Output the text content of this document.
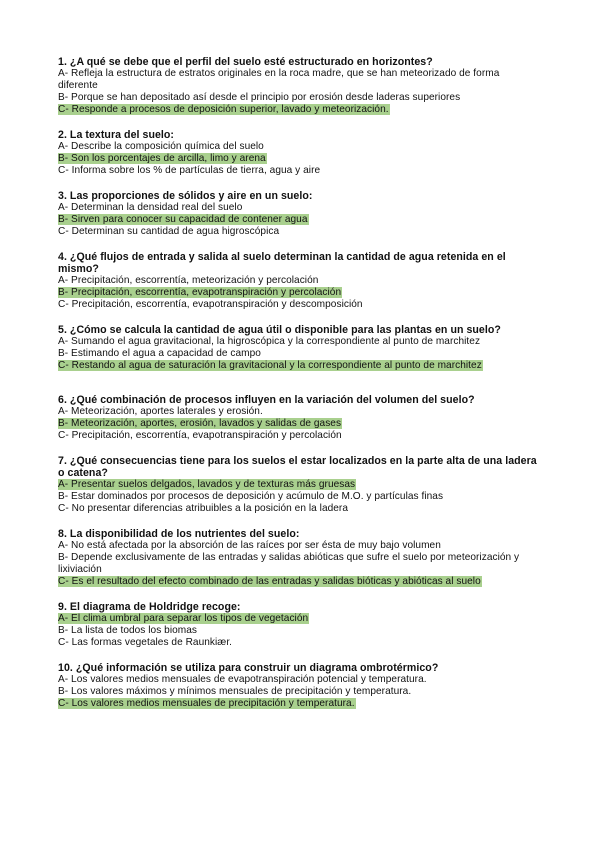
1. ¿A qué se debe que el perfil del suelo esté estructurado en horizontes?

A- Refleja la estructura de estratos originales en la roca madre, que se han meteorizado de forma diferente

B- Porque se han depositado así desde el principio por erosión desde laderas superiores

C- Responde a procesos de deposición superior, lavado y meteorización.

2. La textura del suelo:

A- Describe la composición química del suelo

B- Son los porcentajes de arcilla, limo y arena

C- Informa sobre los % de partículas de tierra, agua y aire

3. Las proporciones de sólidos y aire en un suelo:

A- Determinan la densidad real del suelo

B- Sirven para conocer su capacidad de contener agua

C- Determinan su cantidad de agua higroscópica

4. ¿Qué flujos de entrada y salida al suelo determinan la cantidad de agua retenida en el mismo?

A- Precipitación, escorrentía, meteorización y percolación

B- Precipitación, escorrentía, evapotranspiración y percolación

C- Precipitación, escorrentía, evapotranspiración y descomposición

5. ¿Cómo se calcula la cantidad de agua útil o disponible para las plantas en un suelo?

A- Sumando el agua gravitacional, la higroscópica y la correspondiente al punto de marchitez

B- Estimando el agua a capacidad de campo

C- Restando al agua de saturación la gravitacional y la correspondiente al punto de marchitez

6. ¿Qué combinación de procesos influyen en la variación del volumen del suelo?

A- Meteorización, aportes laterales y erosión.

B- Meteorización, aportes, erosión, lavados y salidas de gases

C- Precipitación, escorrentía, evapotranspiración y percolación

7. ¿Qué consecuencias tiene para los suelos el estar localizados en la parte alta de una ladera o catena?

A- Presentar suelos delgados, lavados y de texturas más gruesas

B- Estar dominados por procesos de deposición y acúmulo de M.O. y partículas finas

C- No presentar diferencias atribuibles a la posición en la ladera

8. La disponibilidad de los nutrientes del suelo:

A- No está afectada por la absorción de las raíces por ser ésta de muy bajo volumen

B- Depende exclusivamente de las entradas y salidas abióticas que sufre el suelo por meteorización y lixiviación

C- Es el resultado del efecto combinado de las entradas y salidas bióticas y abióticas al suelo

9. El diagrama de Holdridge recoge:

A- El clima umbral para separar los tipos de vegetación

B- La lista de todos los biomas

C- Las formas vegetales de Raunkiær.

10. ¿Qué información se utiliza para construir un diagrama ombrotérmico?

A- Los valores medios mensuales de evapotranspiración potencial y temperatura.

B- Los valores máximos y mínimos mensuales de precipitación y temperatura.

C- Los valores medios mensuales de precipitación y temperatura.
